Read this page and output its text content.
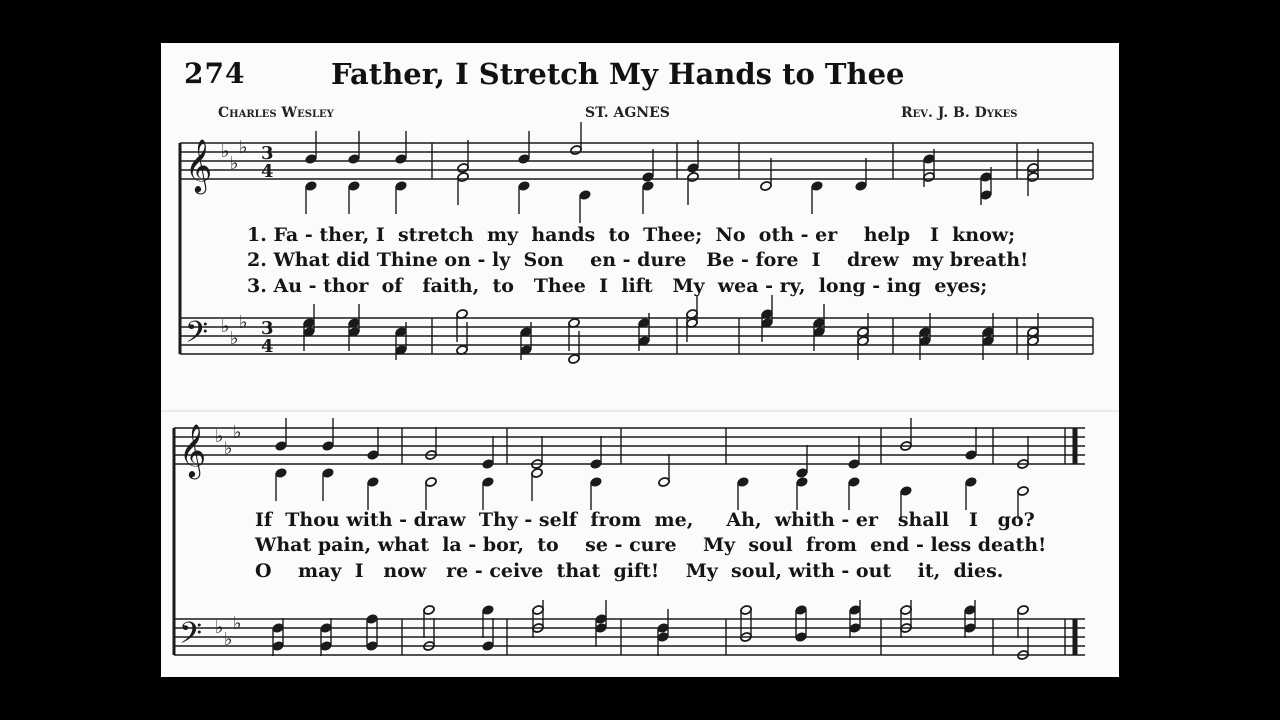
274	Father, I Stretch My Hands to Thee
Charles Wesley	ST. AGNES	Rev. J. B. Dykes
𝄞
𝄢
♭
♭
♭
♭
♭
♭
3
4
3
4
𝄞
𝄢
♭
♭
♭
♭
♭
♭
1. Fa - ther, I  stretch  my  hands  to  Thee;  No  oth - er    help   I  know;
2. What did Thine on - ly  Son    en - dure   Be - fore  I    drew  my breath!
3. Au - thor  of   faith,  to   Thee  I  lift   My  wea - ry,  long - ing  eyes;
If  Thou with - draw  Thy - self  from  me,     Ah,  whith - er   shall   I   go?
What pain, what  la - bor,  to    se - cure    My  soul  from  end - less death!
O    may  I   now   re - ceive  that  gift!    My  soul, with - out    it,  dies.
